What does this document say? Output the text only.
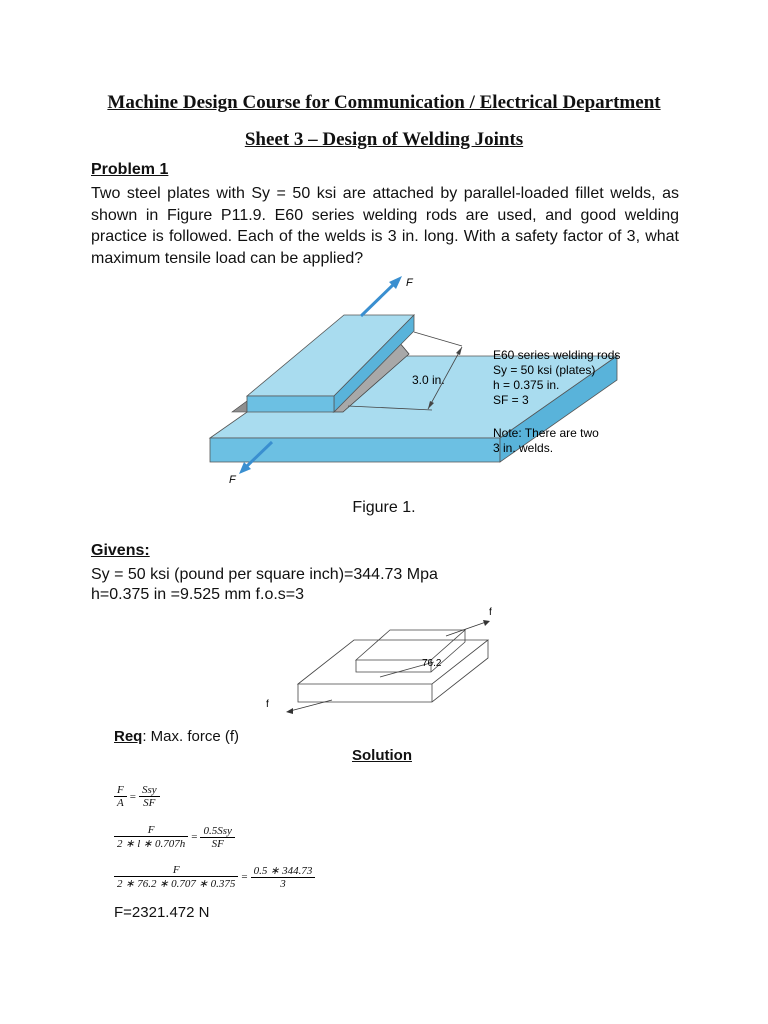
Machine Design Course for Communication / Electrical Department
Sheet 3 – Design of Welding Joints
Problem 1
Two steel plates with Sy = 50 ksi are attached by parallel-loaded fillet welds, as shown in Figure P11.9. E60 series welding rods are used, and good welding practice is followed. Each of the welds is 3 in. long. With a safety factor of 3, what maximum tensile load can be applied?
F
F
3.0 in.
E60 series welding rods
Sy = 50 ksi (plates)
h = 0.375 in.
SF = 3
Note: There are two
3 in. welds.
Figure 1.
Givens:
Sy = 50 ksi (pound per square inch)=344.73 Mpa
h=0.375 in =9.525 mm f.o.s=3
76.2
f
f
Req: Max. force (f)
Solution
$\frac{F}{A} = \frac{\text{Ssy}}{SF}$
$\frac{F}{2 ∗ l ∗ 0.707h} = \frac{\text{0.5Ssy}}{SF}$
$\frac{F}{2 ∗ 76.2 ∗ 0.707 ∗ 0.375} = \frac{0.5 ∗ 344.73}{3}$
F=2321.472 N
